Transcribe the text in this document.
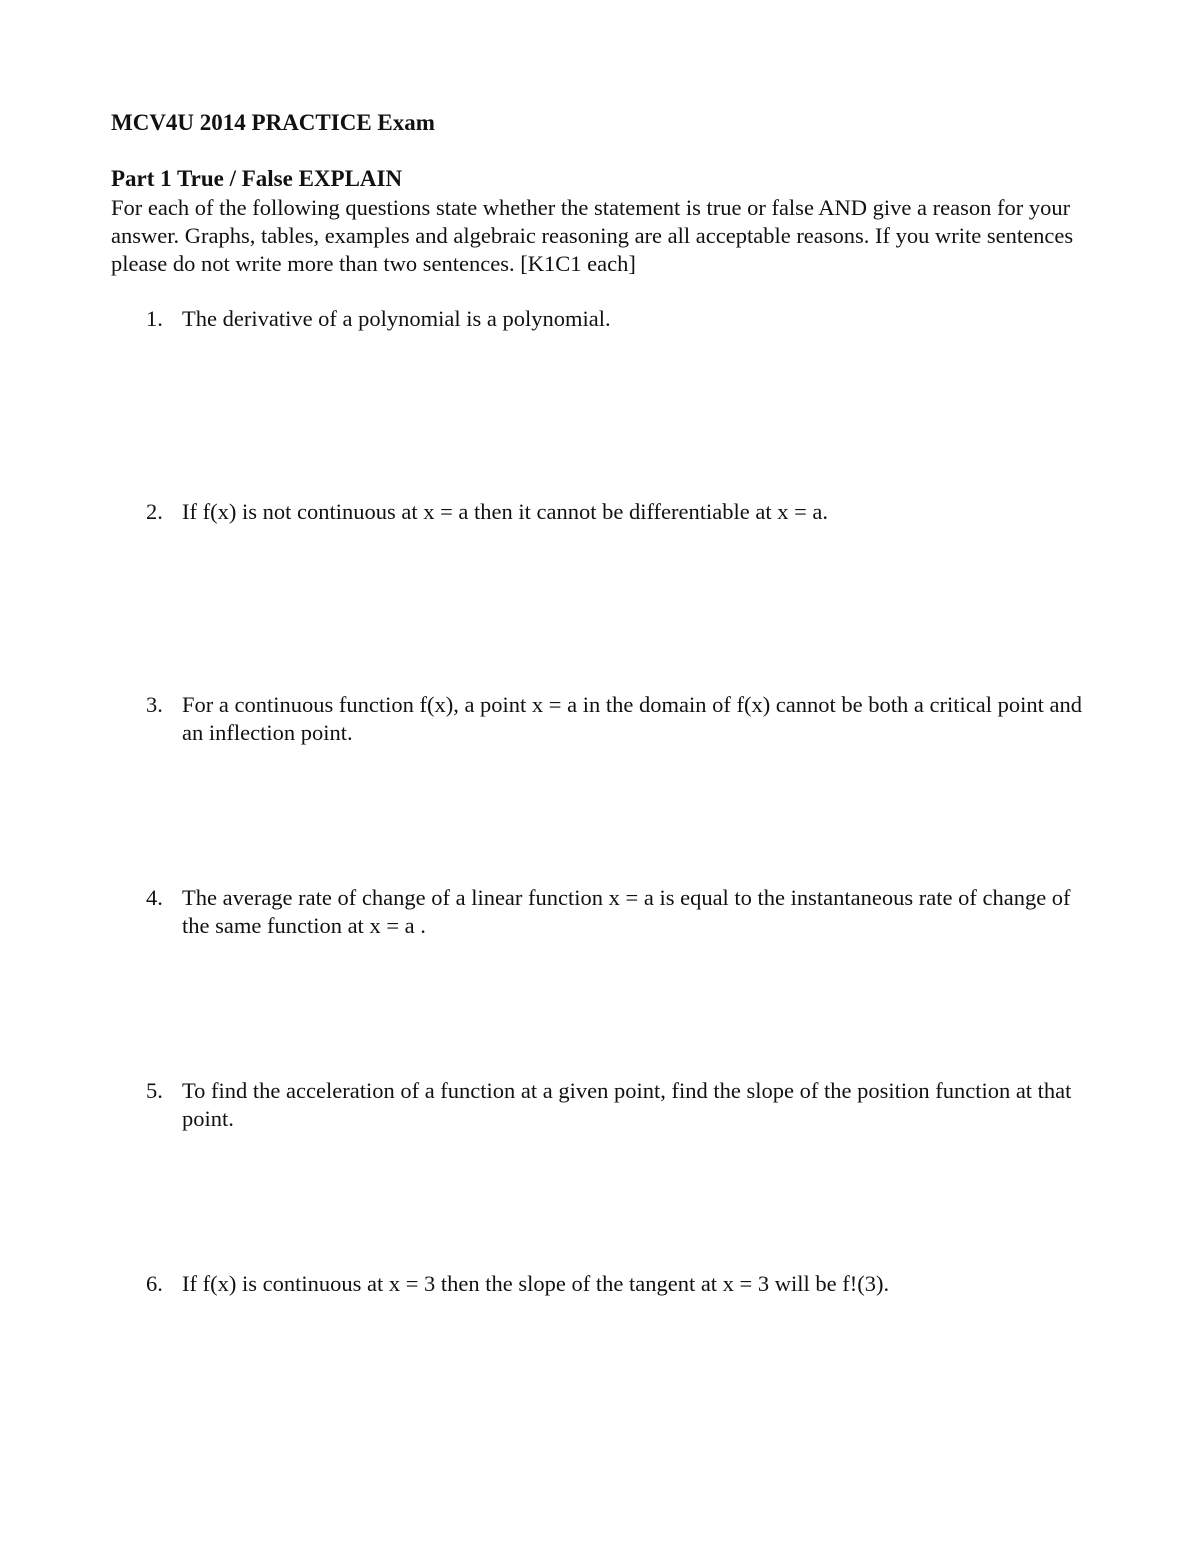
MCV4U 2014 PRACTICE Exam
Part 1 True / False EXPLAIN

For each of the following questions state whether the statement is true or false AND give a reason for your answer. Graphs, tables, examples and algebraic reasoning are all acceptable reasons. If you write sentences please do not write more than two sentences. [K1C1 each]

1. The derivative of a polynomial is a polynomial.
2. If f(x) is not continuous at x = a then it cannot be differentiable at x = a.
3. For a continuous function f(x), a point x = a in the domain of f(x) cannot be both a critical point and an inflection point.
4. The average rate of change of a linear function x = a is equal to the instantaneous rate of change of the same function at x = a .
5. To find the acceleration of a function at a given point, find the slope of the position function at that point.
6. If f(x) is continuous at x = 3 then the slope of the tangent at x = 3 will be f!(3).
